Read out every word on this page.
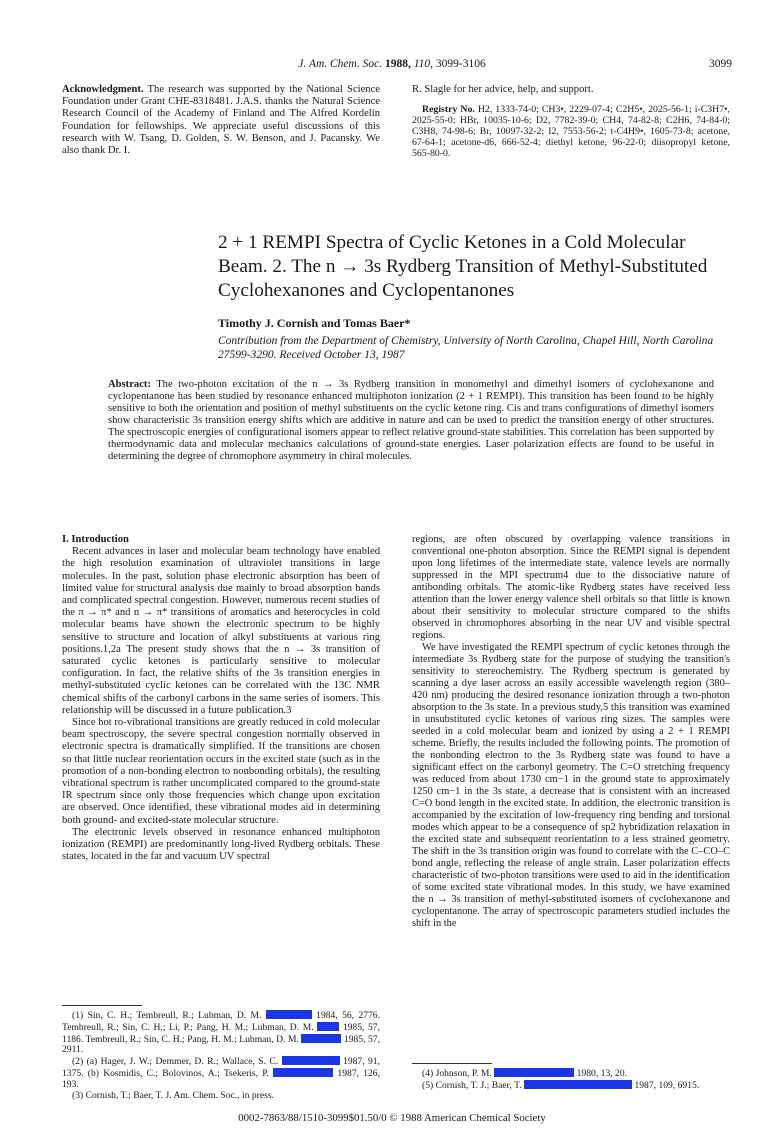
J. Am. Chem. Soc. 1988, 110, 3099-3106	3099

Acknowledgment. The research was supported by the National Science Foundation under Grant CHE-8318481. J.A.S. thanks the Natural Science Research Council of the Academy of Finland and The Alfred Kordelin Foundation for fellowships. We appreciate useful discussions of this research with W. Tsang, D. Golden, S. W. Benson, and J. Pacansky. We also thank Dr. I.

R. Slagle for her advice, help, and support.

Registry No. H2, 1333-74-0; CH3•, 2229-07-4; C2H5•, 2025-56-1; i-C3H7•, 2025-55-0; HBr, 10035-10-6; D2, 7782-39-0; CH4, 74-82-8; C2H6, 74-84-0; C3H8, 74-98-6; Br, 10097-32-2; I2, 7553-56-2; t-C4H9•, 1605-73-8; acetone, 67-64-1; acetone-d6, 666-52-4; diethyl ketone, 96-22-0; diisopropyl ketone, 565-80-0.

2 + 1 REMPI Spectra of Cyclic Ketones in a Cold Molecular Beam. 2. The n → 3s Rydberg Transition of Methyl-Substituted Cyclohexanones and Cyclopentanones
Timothy J. Cornish and Tomas Baer*
Contribution from the Department of Chemistry, University of North Carolina, Chapel Hill, North Carolina 27599-3290. Received October 13, 1987
Abstract: The two-photon excitation of the n → 3s Rydberg transition in monomethyl and dimethyl isomers of cyclohexanone and cyclopentanone has been studied by resonance enhanced multiphoton ionization (2 + 1 REMPI). This transition has been found to be highly sensitive to both the orientation and position of methyl substituents on the cyclic ketone ring. Cis and trans configurations of dimethyl isomers show characteristic 3s transition energy shifts which are additive in nature and can be used to predict the transition energy of other structures. The spectroscopic energies of configurational isomers appear to reflect relative ground-state stabilities. This correlation has been supported by thermodynamic data and molecular mechanics calculations of ground-state energies. Laser polarization effects are found to be useful in determining the degree of chromophore asymmetry in chiral molecules.
I. Introduction

Recent advances in laser and molecular beam technology have enabled the high resolution examination of ultraviolet transitions in large molecules. In the past, solution phase electronic absorption has been of limited value for structural analysis due mainly to broad absorption bands and complicated spectral congestion. However, numerous recent studies of the π → π* and n → π* transitions of aromatics and heterocycles in cold molecular beams have shown the electronic spectrum to be highly sensitive to structure and location of alkyl substituents at various ring positions.1,2a The present study shows that the n → 3s transition of saturated cyclic ketones is particularly sensitive to molecular configuration. In fact, the relative shifts of the 3s transition energies in methyl-substituted cyclic ketones can be correlated with the 13C NMR chemical shifts of the carbonyl carbons in the same series of isomers. This relationship will be discussed in a future publication.3

Since hot ro-vibrational transitions are greatly reduced in cold molecular beam spectroscopy, the severe spectral congestion normally observed in electronic spectra is dramatically simplified. If the transitions are chosen so that little nuclear reorientation occurs in the excited state (such as in the promotion of a non-bonding electron to nonbonding orbitals), the resulting vibrational spectrum is rather uncomplicated compared to the ground-state IR spectrum since only those frequencies which change upon excitation are observed. Once identified, these vibrational modes aid in determining both ground- and excited-state molecular structure.

The electronic levels observed in resonance enhanced multiphoton ionization (REMPI) are predominantly long-lived Rydberg orbitals. These states, located in the far and vacuum UV spectral

regions, are often obscured by overlapping valence transitions in conventional one-photon absorption. Since the REMPI signal is dependent upon long lifetimes of the intermediate state, valence levels are normally suppressed in the MPI spectrum4 due to the dissociative nature of antibonding orbitals. The atomic-like Rydberg states have received less attention than the lower energy valence shell orbitals so that little is known about their sensitivity to molecular structure compared to the shifts observed in chromophores absorbing in the near UV and visible spectral regions.

We have investigated the REMPI spectrum of cyclic ketones through the intermediate 3s Rydberg state for the purpose of studying the transition's sensitivity to stereochemistry. The Rydberg spectrum is generated by scanning a dye laser across an easily accessible wavelength region (380–420 nm) producing the desired resonance ionization through a two-photon absorption to the 3s state. In a previous study,5 this transition was examined in unsubstituted cyclic ketones of various ring sizes. The samples were seeded in a cold molecular beam and ionized by using a 2 + 1 REMPI scheme. Briefly, the results included the following points. The promotion of the nonbonding electron to the 3s Rydberg state was found to have a significant effect on the carbonyl geometry. The C=O stretching frequency was reduced from about 1730 cm−1 in the ground state to approximately 1250 cm−1 in the 3s state, a decrease that is consistent with an increased C=O bond length in the excited state. In addition, the electronic transition is accompanied by the excitation of low-frequency ring bending and torsional modes which appear to be a consequence of sp2 hybridization relaxation in the excited state and subsequent reorientation to a less strained geometry. The shift in the 3s transition origin was found to correlate with the C–CO–C bond angle, reflecting the release of angle strain. Laser polarization effects characteristic of two-photon transitions were used to aid in the identification of some excited state vibrational modes. In this study, we have examined the n → 3s transition of methyl-substituted isomers of cyclohexanone and cyclopentanone. The array of spectroscopic parameters studied includes the shift in the

(1) Sin, C. H.; Tembreull, R.; Lubman, D. M.	1984, 56, 2776. Tembreull, R.; Sin, C. H.; Li, P.; Pang, H. M.; Lubman, D. M.	1985, 57, 1186. Tembreull, R.; Sin, C. H.; Pang, H. M.; Lubman, D. M.	1985, 57, 2911.

(2) (a) Hager, J. W.; Demmer, D. R.; Wallace, S. C.	1987, 91, 1375. (b) Kosmidis, C.; Bolovinos, A.; Tsekeris, P.	1987, 126, 193.

(3) Cornish, T.; Baer, T. J. Am. Chem. Soc., in press.

(4) Johnson, P. M.	1980, 13, 20.

(5) Cornish, T. J.; Baer, T.	1987, 109, 6915.

0002-7863/88/1510-3099$01.50/0 © 1988 American Chemical Society
